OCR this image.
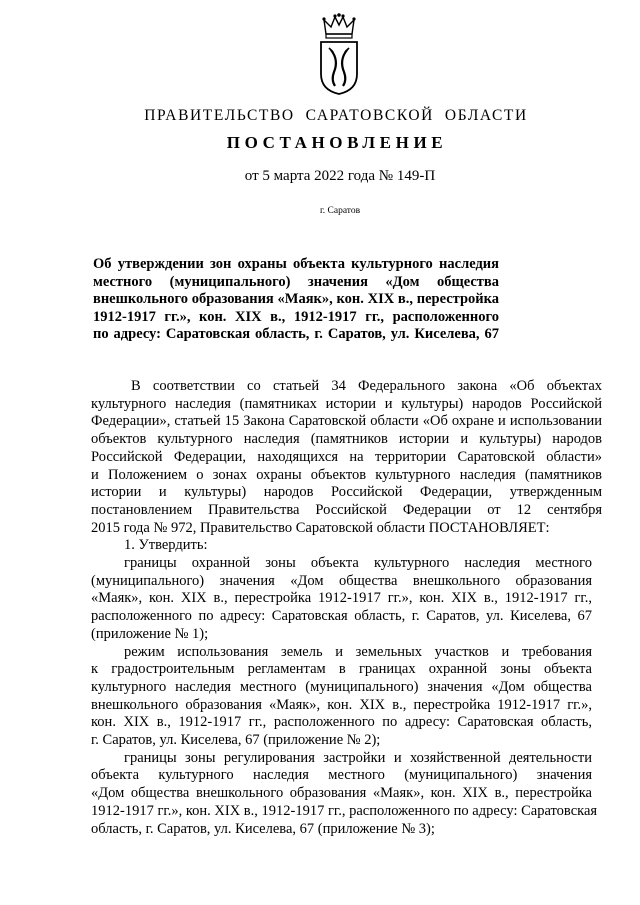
ПРАВИТЕЛЬСТВО  САРАТОВСКОЙ  ОБЛАСТИ
ПОСТАНОВЛЕНИЕ
от 5 марта 2022 года № 149-П
г. Саратов
Об утверждении зон охраны объекта культурного наследия
местного (муниципального) значения «Дом общества
внешкольного образования «Маяк», кон. XIX в., перестройка
1912-1917 гг.», кон. XIX в., 1912-1917 гг., расположенного
по адресу: Саратовская область, г. Саратов, ул. Киселева, 67
В соответствии со статьей 34 Федерального закона «Об объектах
культурного наследия (памятниках истории и культуры) народов Российской
Федерации», статьей 15 Закона Саратовской области «Об охране и использовании
объектов культурного наследия (памятников истории и культуры) народов
Российской Федерации, находящихся на территории Саратовской области»
и Положением о зонах охраны объектов культурного наследия (памятников
истории и культуры) народов Российской Федерации, утвержденным
постановлением Правительства Российской Федерации от 12 сентября
2015 года № 972, Правительство Саратовской области ПОСТАНОВЛЯЕТ:
1. Утвердить:
границы охранной зоны объекта культурного наследия местного
(муниципального) значения «Дом общества внешкольного образования
«Маяк», кон. XIX в., перестройка 1912-1917 гг.», кон. XIX в., 1912-1917 гг.,
расположенного по адресу: Саратовская область, г. Саратов, ул. Киселева, 67
(приложение № 1);
режим использования земель и земельных участков и требования
к градостроительным регламентам в границах охранной зоны объекта
культурного наследия местного (муниципального) значения «Дом общества
внешкольного образования «Маяк», кон. XIX в., перестройка 1912-1917 гг.»,
кон. XIX в., 1912-1917 гг., расположенного по адресу: Саратовская область,
г. Саратов, ул. Киселева, 67 (приложение № 2);
границы зоны регулирования застройки и хозяйственной деятельности
объекта культурного наследия местного (муниципального) значения
«Дом общества внешкольного образования «Маяк», кон. XIX в., перестройка
1912-1917 гг.», кон. XIX в., 1912-1917 гг., расположенного по адресу: Саратовская
область, г. Саратов, ул. Киселева, 67 (приложение № 3);
